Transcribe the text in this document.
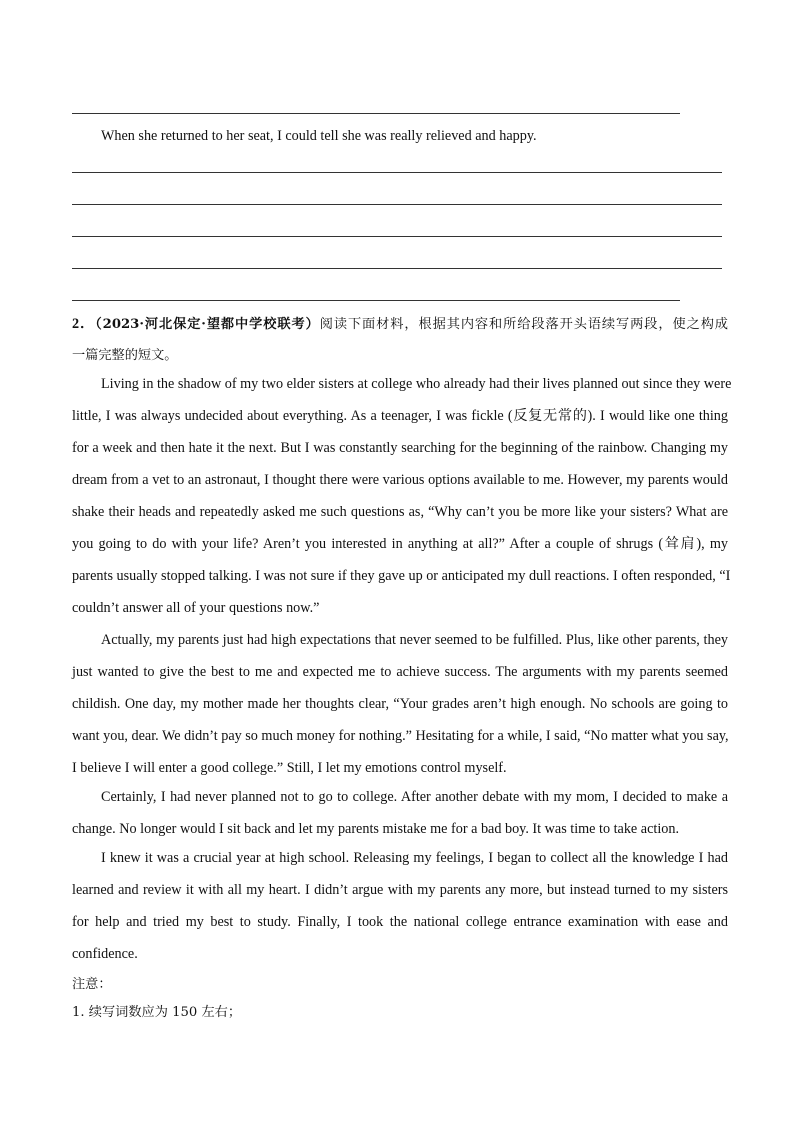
When she returned to her seat, I could tell she was really relieved and happy.
2．（2023·河北保定·望都中学校联考）阅读下面材料，根据其内容和所给段落开头语续写两段，使之构成
一篇完整的短文。
Living in the shadow of my two elder sisters at college who already had their lives planned out since they were
little, I was always undecided about everything. As a teenager, I was fickle (反复无常的). I would like one thing
for a week and then hate it the next. But I was constantly searching for the beginning of the rainbow. Changing my
dream from a vet to an astronaut, I thought there were various options available to me. However, my parents would
shake their heads and repeatedly asked me such questions as, “Why can’t you be more like your sisters? What are
you going to do with your life? Aren’t you interested in anything at all?” After a couple of shrugs (耸肩), my
parents usually stopped talking. I was not sure if they gave up or anticipated my dull reactions. I often responded, “I
couldn’t answer all of your questions now.”
Actually, my parents just had high expectations that never seemed to be fulfilled. Plus, like other parents, they
just wanted to give the best to me and expected me to achieve success. The arguments with my parents seemed
childish. One day, my mother made her thoughts clear, “Your grades aren’t high enough. No schools are going to
want you, dear. We didn’t pay so much money for nothing.” Hesitating for a while, I said, “No matter what you say,
I believe I will enter a good college.” Still, I let my emotions control myself.
Certainly, I had never planned not to go to college. After another debate with my mom, I decided to make a
change. No longer would I sit back and let my parents mistake me for a bad boy. It was time to take action.
I knew it was a crucial year at high school. Releasing my feelings, I began to collect all the knowledge I had
learned and review it with all my heart. I didn’t argue with my parents any more, but instead turned to my sisters
for help and tried my best to study. Finally, I took the national college entrance examination with ease and
confidence.
注意：
1. 续写词数应为 150 左右；
